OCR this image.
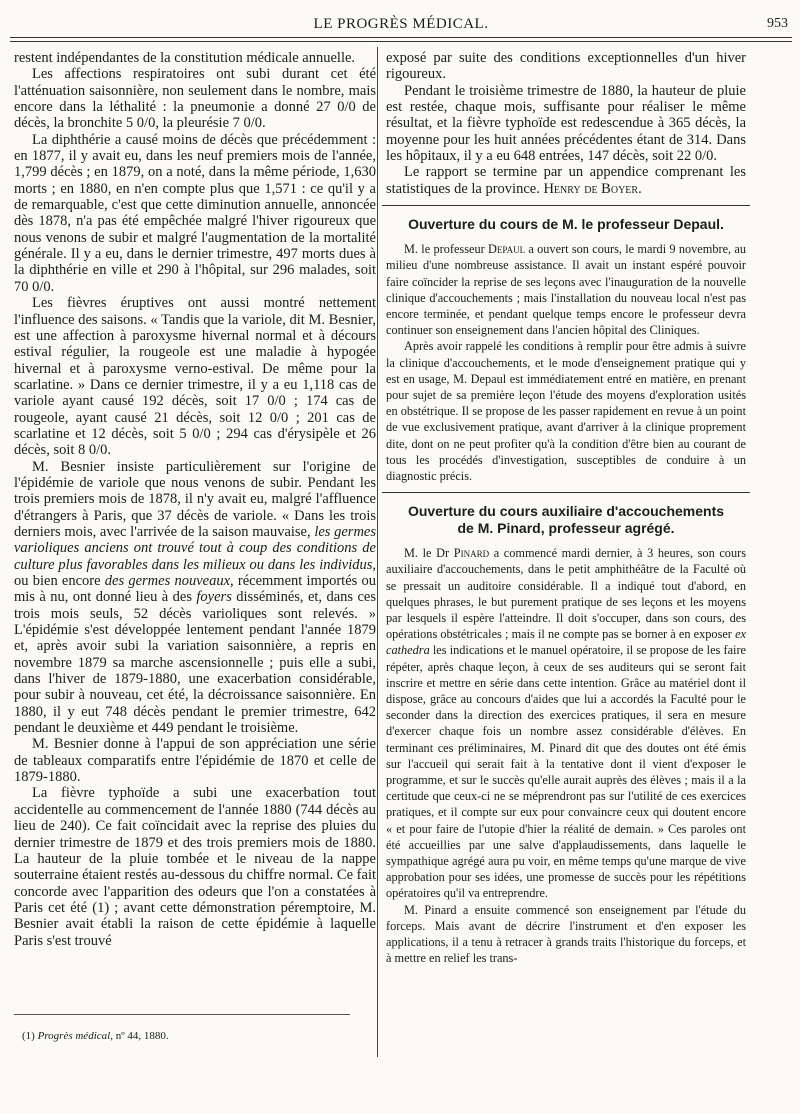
LE PROGRÈS MÉDICAL.	953

restent indépendantes de la constitution médicale annuelle.

Les affections respiratoires ont subi durant cet été l'atténuation saisonnière, non seulement dans le nombre, mais encore dans la léthalité : la pneumonie a donné 27 0/0 de décès, la bronchite 5 0/0, la pleurésie 7 0/0.

La diphthérie a causé moins de décès que précédemment : en 1877, il y avait eu, dans les neuf premiers mois de l'année, 1,799 décès ; en 1879, on a noté, dans la même période, 1,630 morts ; en 1880, en n'en compte plus que 1,571 : ce qu'il y a de remarquable, c'est que cette diminution annuelle, annoncée dès 1878, n'a pas été empêchée malgré l'hiver rigoureux que nous venons de subir et malgré l'augmentation de la mortalité générale. Il y a eu, dans le dernier trimestre, 497 morts dues à la diphthérie en ville et 290 à l'hôpital, sur 296 malades, soit 70 0/0.

Les fièvres éruptives ont aussi montré nettement l'influence des saisons. « Tandis que la variole, dit M. Besnier, est une affection à paroxysme hivernal normal et à décours estival régulier, la rougeole est une maladie à hypogée hivernal et à paroxysme verno-estival. De même pour la scarlatine. » Dans ce dernier trimestre, il y a eu 1,118 cas de variole ayant causé 192 décès, soit 17 0/0 ; 174 cas de rougeole, ayant causé 21 décès, soit 12 0/0 ; 201 cas de scarlatine et 12 décès, soit 5 0/0 ; 294 cas d'érysipèle et 26 décès, soit 8 0/0.

M. Besnier insiste particulièrement sur l'origine de l'épidémie de variole que nous venons de subir. Pendant les trois premiers mois de 1878, il n'y avait eu, malgré l'affluence d'étrangers à Paris, que 37 décès de variole. « Dans les trois derniers mois, avec l'arrivée de la saison mauvaise, les germes varioliques anciens ont trouvé tout à coup des conditions de culture plus favorables dans les milieux ou dans les individus, ou bien encore des germes nouveaux, récemment importés ou mis à nu, ont donné lieu à des foyers disséminés, et, dans ces trois mois seuls, 52 décès varioliques sont relevés. » L'épidémie s'est développée lentement pendant l'année 1879 et, après avoir subi la variation saisonnière, a repris en novembre 1879 sa marche ascensionnelle ; puis elle a subi, dans l'hiver de 1879-1880, une exacerbation considérable, pour subir à nouveau, cet été, la décroissance saisonnière. En 1880, il y eut 748 décès pendant le premier trimestre, 642 pendant le deuxième et 449 pendant le troisième.

M. Besnier donne à l'appui de son appréciation une série de tableaux comparatifs entre l'épidémie de 1870 et celle de 1879-1880.

La fièvre typhoïde a subi une exacerbation tout accidentelle au commencement de l'année 1880 (744 décès au lieu de 240). Ce fait coïncidait avec la reprise des pluies du dernier trimestre de 1879 et des trois premiers mois de 1880. La hauteur de la pluie tombée et le niveau de la nappe souterraine étaient restés au-dessous du chiffre normal. Ce fait concorde avec l'apparition des odeurs que l'on a constatées à Paris cet été (1) ; avant cette démonstration péremptoire, M. Besnier avait établi la raison de cette épidémie à laquelle Paris s'est trouvé

(1) Progrès médical, nº 44, 1880.

exposé par suite des conditions exceptionnelles d'un hiver rigoureux.

Pendant le troisième trimestre de 1880, la hauteur de pluie est restée, chaque mois, suffisante pour réaliser le même résultat, et la fièvre typhoïde est redescendue à 365 décès, la moyenne pour les huit années précédentes étant de 314. Dans les hôpitaux, il y a eu 648 entrées, 147 décès, soit 22 0/0.

Le rapport se termine par un appendice comprenant les statistiques de la province. Henry de Boyer.

Ouverture du cours de M. le professeur Depaul.

M. le professeur Depaul a ouvert son cours, le mardi 9 novembre, au milieu d'une nombreuse assistance. Il avait un instant espéré pouvoir faire coïncider la reprise de ses leçons avec l'inauguration de la nouvelle clinique d'accouchements ; mais l'installation du nouveau local n'est pas encore terminée, et pendant quelque temps encore le professeur devra continuer son enseignement dans l'ancien hôpital des Cliniques.

Après avoir rappelé les conditions à remplir pour être admis à suivre la clinique d'accouchements, et le mode d'enseignement pratique qui y est en usage, M. Depaul est immédiatement entré en matière, en prenant pour sujet de sa première leçon l'étude des moyens d'exploration usités en obstétrique. Il se propose de les passer rapidement en revue à un point de vue exclusivement pratique, avant d'arriver à la clinique proprement dite, dont on ne peut profiter qu'à la condition d'être bien au courant de tous les procédés d'investigation, susceptibles de conduire à un diagnostic précis.

Ouverture du cours auxiliaire d'accouchements
de M. Pinard, professeur agrégé.

M. le Dr Pinard a commencé mardi dernier, à 3 heures, son cours auxiliaire d'accouchements, dans le petit amphithéâtre de la Faculté où se pressait un auditoire considérable. Il a indiqué tout d'abord, en quelques phrases, le but purement pratique de ses leçons et les moyens par lesquels il espère l'atteindre. Il doit s'occuper, dans son cours, des opérations obstétricales ; mais il ne compte pas se borner à en exposer ex cathedra les indications et le manuel opératoire, il se propose de les faire répéter, après chaque leçon, à ceux de ses auditeurs qui se seront fait inscrire et mettre en série dans cette intention. Grâce au matériel dont il dispose, grâce au concours d'aides que lui a accordés la Faculté pour le seconder dans la direction des exercices pratiques, il sera en mesure d'exercer chaque fois un nombre assez considérable d'élèves. En terminant ces préliminaires, M. Pinard dit que des doutes ont été émis sur l'accueil qui serait fait à la tentative dont il vient d'exposer le programme, et sur le succès qu'elle aurait auprès des élèves ; mais il a la certitude que ceux-ci ne se méprendront pas sur l'utilité de ces exercices pratiques, et il compte sur eux pour convaincre ceux qui doutent encore « et pour faire de l'utopie d'hier la réalité de demain. » Ces paroles ont été accueillies par une salve d'applaudissements, dans laquelle le sympathique agrégé aura pu voir, en même temps qu'une marque de vive approbation pour ses idées, une promesse de succès pour les répétitions opératoires qu'il va entreprendre.

M. Pinard a ensuite commencé son enseignement par l'étude du forceps. Mais avant de décrire l'instrument et d'en exposer les applications, il a tenu à retracer à grands traits l'historique du forceps, et à mettre en relief les trans-
